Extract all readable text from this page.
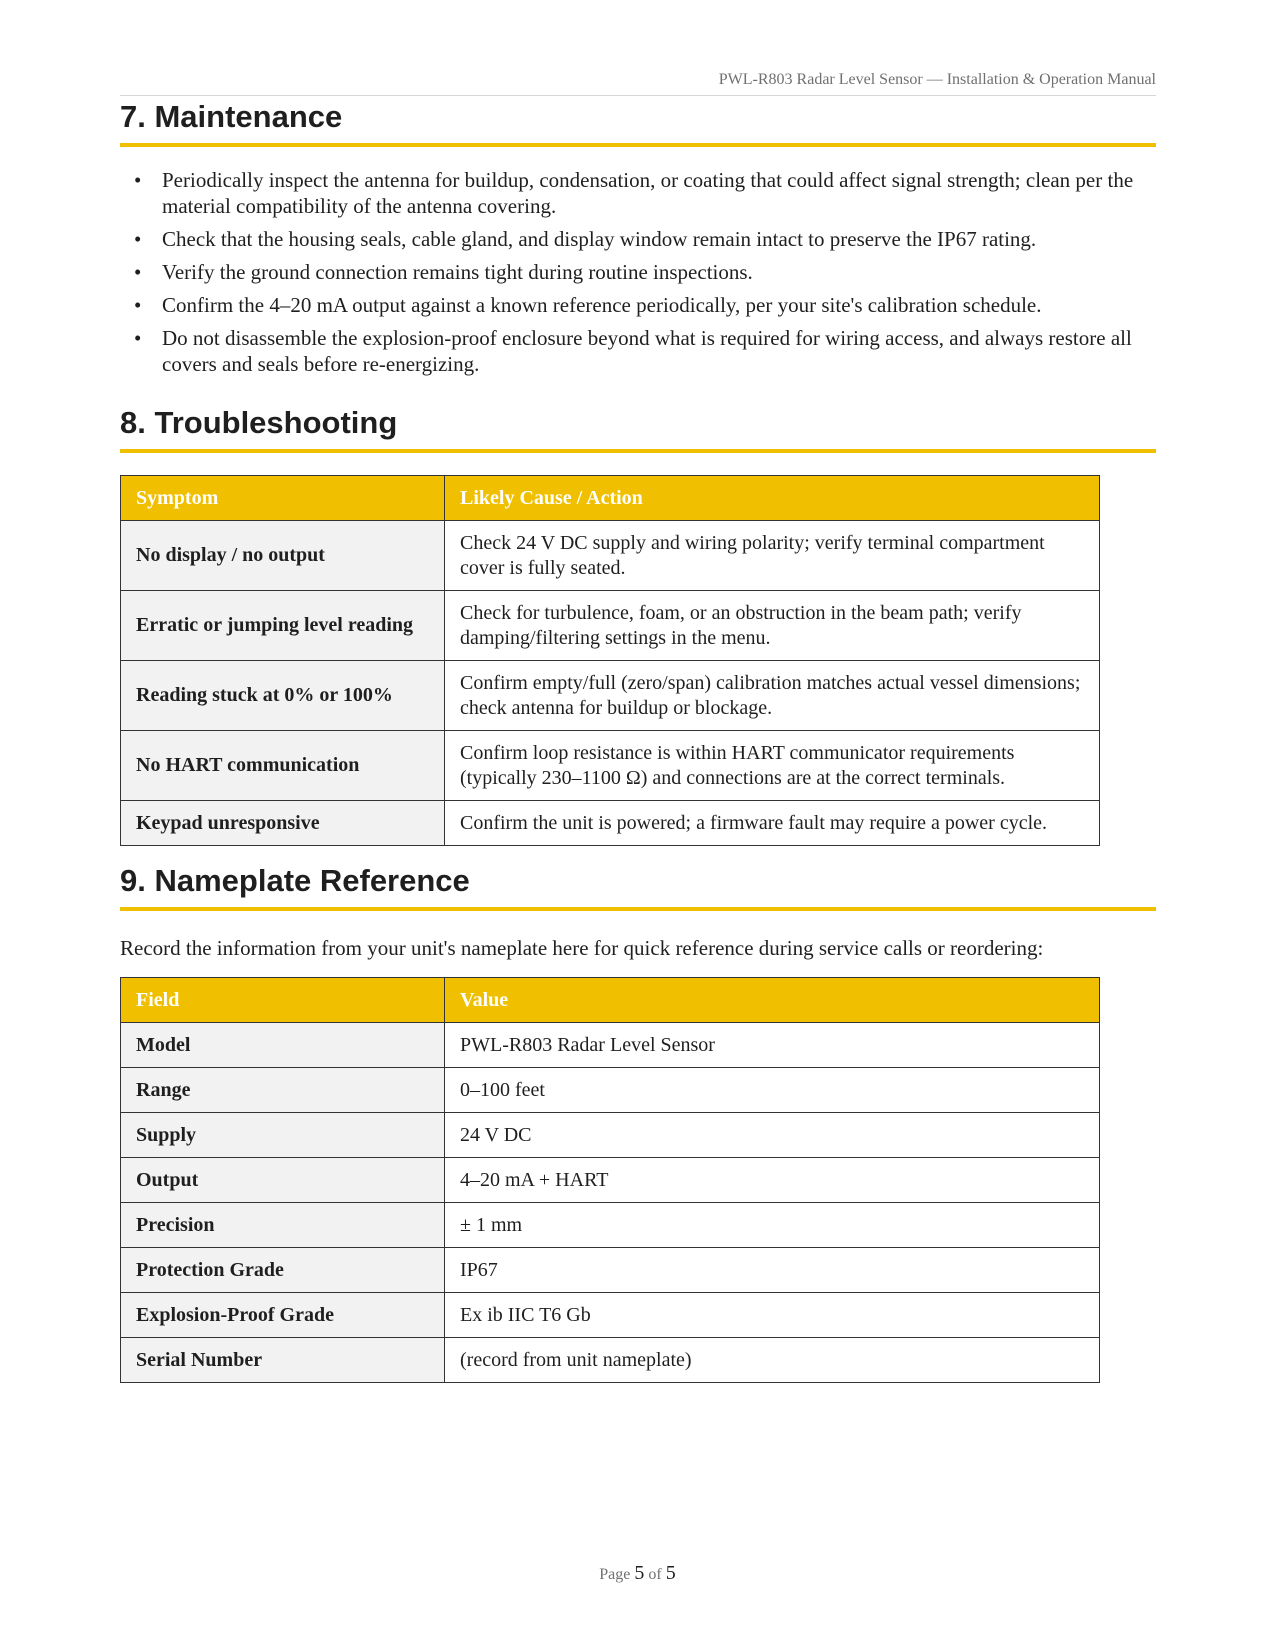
PWL-R803 Radar Level Sensor — Installation & Operation Manual
7. Maintenance
• Periodically inspect the antenna for buildup, condensation, or coating that could affect signal strength; clean per the material compatibility of the antenna covering.
• Check that the housing seals, cable gland, and display window remain intact to preserve the IP67 rating.
• Verify the ground connection remains tight during routine inspections.
• Confirm the 4–20 mA output against a known reference periodically, per your site's calibration schedule.
• Do not disassemble the explosion-proof enclosure beyond what is required for wiring access, and always restore all covers and seals before re-energizing.
8. Troubleshooting
Symptom	Likely Cause / Action
No display / no output	Check 24 V DC supply and wiring polarity; verify terminal compartment cover is fully seated.
Erratic or jumping level reading	Check for turbulence, foam, or an obstruction in the beam path; verify damping/filtering settings in the menu.
Reading stuck at 0% or 100%	Confirm empty/full (zero/span) calibration matches actual vessel dimensions; check antenna for buildup or blockage.
No HART communication	Confirm loop resistance is within HART communicator requirements (typically 230–1100 Ω) and connections are at the correct terminals.
Keypad unresponsive	Confirm the unit is powered; a firmware fault may require a power cycle.
9. Nameplate Reference

Record the information from your unit's nameplate here for quick reference during service calls or reordering:

Field	Value
Model	PWL-R803 Radar Level Sensor
Range	0–100 feet
Supply	24 V DC
Output	4–20 mA + HART
Precision	± 1 mm
Protection Grade	IP67
Explosion-Proof Grade	Ex ib IIC T6 Gb
Serial Number	(record from unit nameplate)
Page 5 of 5
